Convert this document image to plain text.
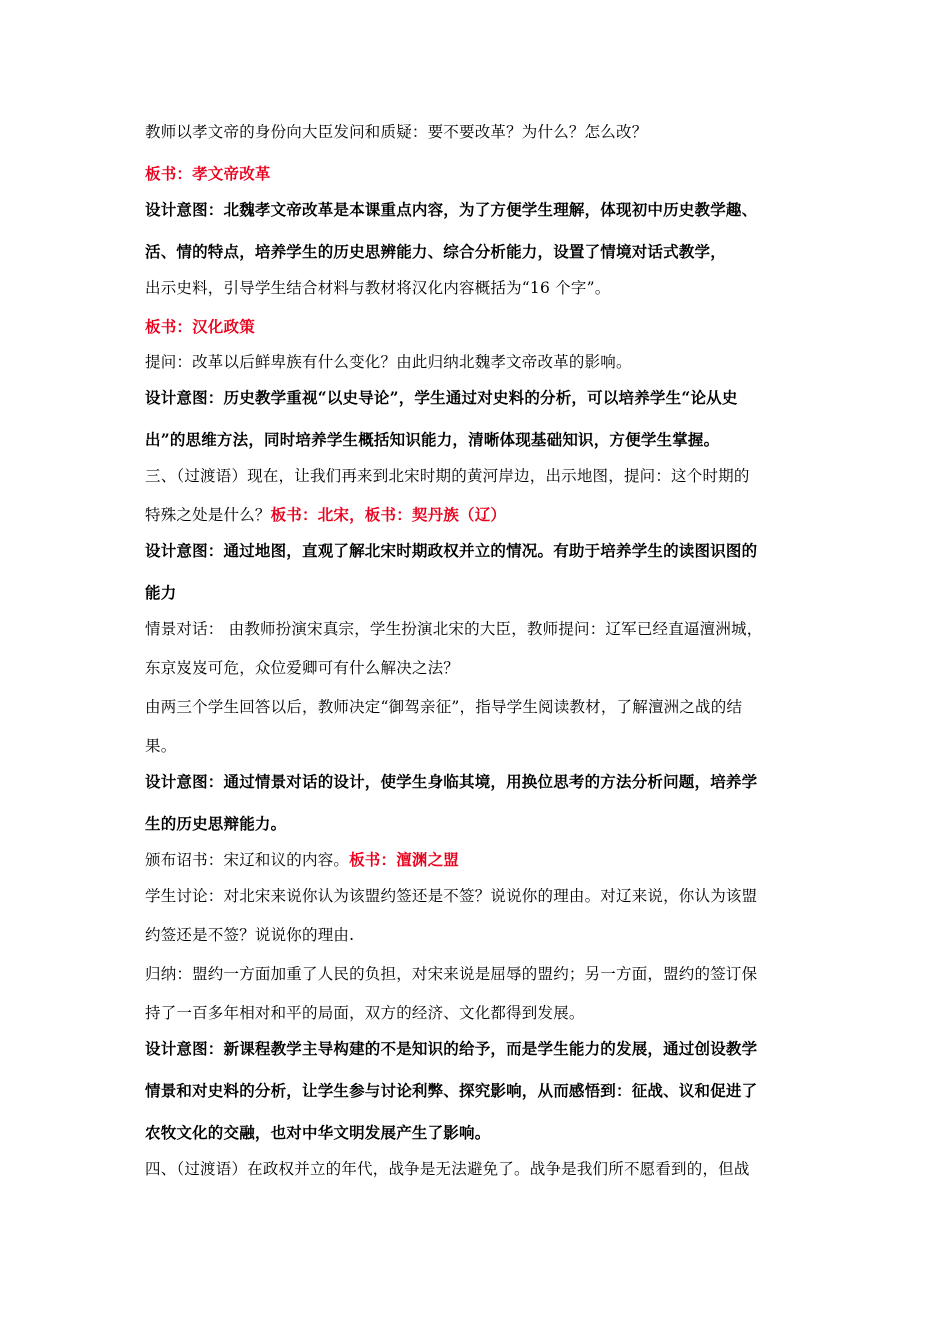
教师以孝文帝的身份向大臣发问和质疑：要不要改革？为什么？怎么改？
板书：孝文帝改革
设计意图：北魏孝文帝改革是本课重点内容，为了方便学生理解，体现初中历史教学趣、
活、情的特点，培养学生的历史思辨能力、综合分析能力，设置了情境对话式教学，
出示史料，引导学生结合材料与教材将汉化内容概括为“16 个字”。
板书：汉化政策
提问：改革以后鲜卑族有什么变化？由此归纳北魏孝文帝改革的影响。
设计意图：历史教学重视“以史导论”，学生通过对史料的分析，可以培养学生“论从史
出”的思维方法，同时培养学生概括知识能力，清晰体现基础知识，方便学生掌握。
三、（过渡语）现在，让我们再来到北宋时期的黄河岸边，出示地图，提问：这个时期的
特殊之处是什么？板书：北宋，板书：契丹族（辽）
设计意图：通过地图，直观了解北宋时期政权并立的情况。有助于培养学生的读图识图的
能力
情景对话： 由教师扮演宋真宗，学生扮演北宋的大臣，教师提问：辽军已经直逼澶洲城，
东京岌岌可危，众位爱卿可有什么解决之法？
由两三个学生回答以后，教师决定“御驾亲征”，指导学生阅读教材，了解澶洲之战的结
果。
设计意图：通过情景对话的设计，使学生身临其境，用换位思考的方法分析问题，培养学
生的历史思辩能力。
颁布诏书：宋辽和议的内容。板书：澶渊之盟
学生讨论：对北宋来说你认为该盟约签还是不签？说说你的理由。对辽来说，你认为该盟
约签还是不签？说说你的理由.
归纳：盟约一方面加重了人民的负担，对宋来说是屈辱的盟约；另一方面，盟约的签订保
持了一百多年相对和平的局面，双方的经济、文化都得到发展。
设计意图：新课程教学主导构建的不是知识的给予，而是学生能力的发展，通过创设教学
情景和对史料的分析，让学生参与讨论利弊、探究影响，从而感悟到：征战、议和促进了
农牧文化的交融，也对中华文明发展产生了影响。
四、（过渡语）在政权并立的年代，战争是无法避免了。战争是我们所不愿看到的，但战
